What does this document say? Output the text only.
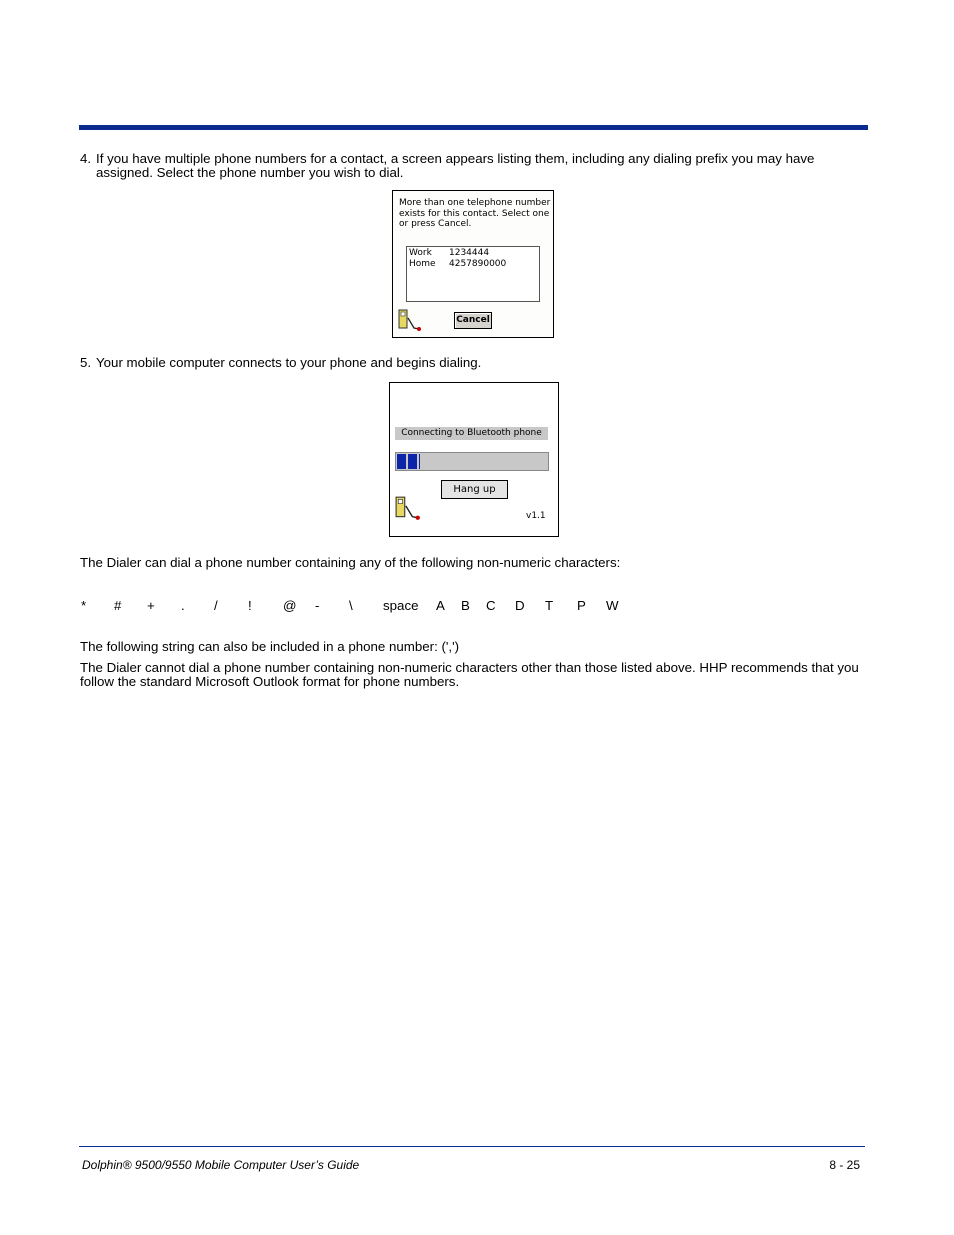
4. If you have multiple phone numbers for a contact, a screen appears listing them, including any dialing prefix you may have assigned. Select the phone number you wish to dial.
More than one telephone number
exists for this contact. Select one
or press Cancel.
Work 1234444
Home 4257890000
Cancel
5. Your mobile computer connects to your phone and begins dialing.
Connecting to Bluetooth phone
Hang up
v1.1
The Dialer can dial a phone number containing any of the following non-numeric characters:
* # + . / ! @ - \ space A B C D T P W
The following string can also be included in a phone number: (',')
The Dialer cannot dial a phone number containing non-numeric characters other than those listed above. HHP recommends that you follow the standard Microsoft Outlook format for phone numbers.
Dolphin® 9500/9550 Mobile Computer User’s Guide	8 - 25
